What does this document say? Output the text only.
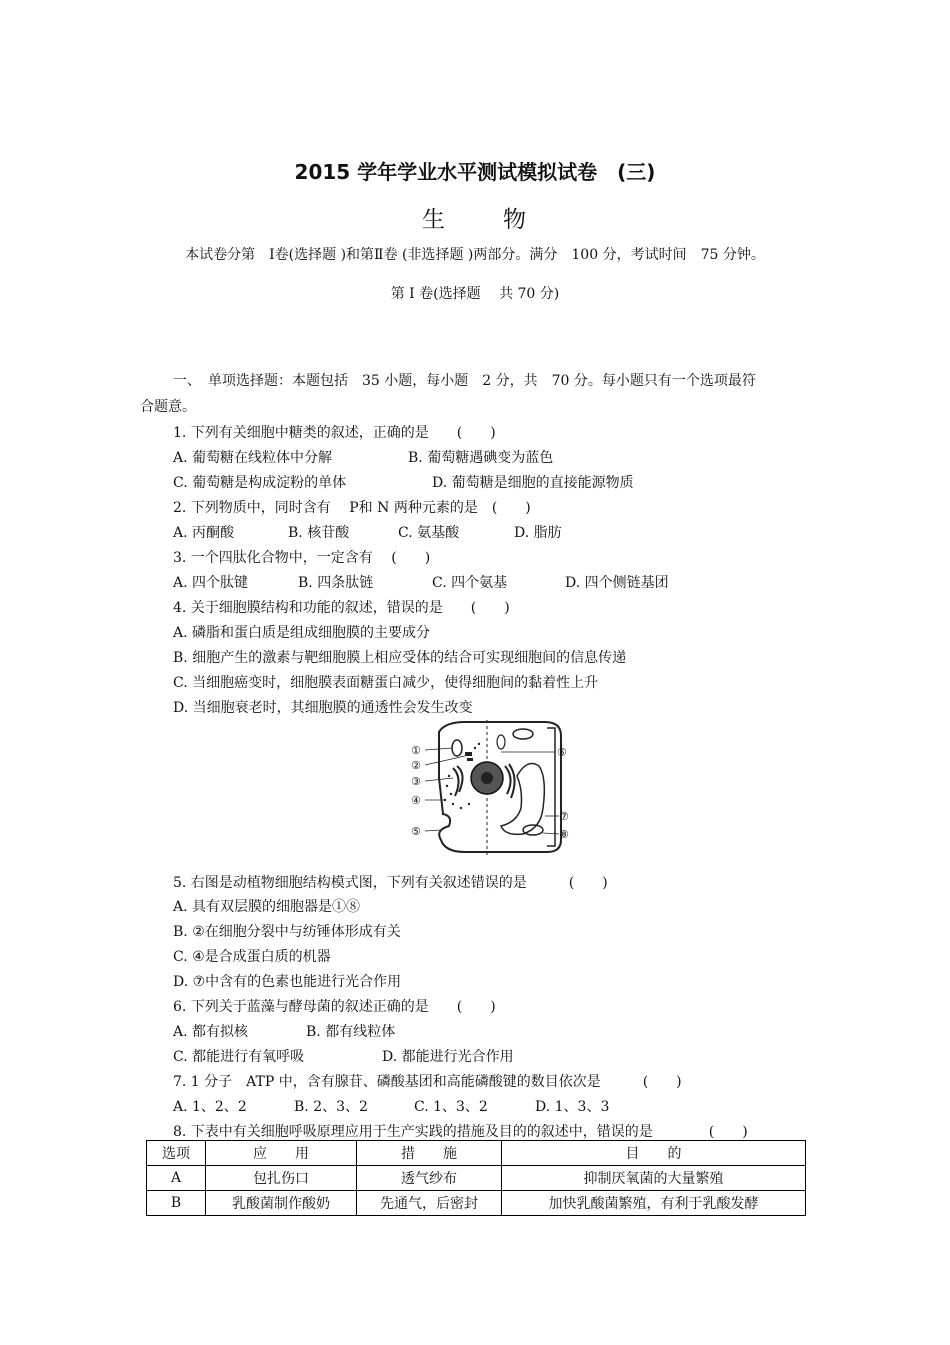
2015 学年学业水平测试模拟试卷　(三)
生 物
本试卷分第　Ⅰ卷(选择题 )和第Ⅱ卷 (非选择题 )两部分。满分　100 分，考试时间　75 分钟。
第 Ⅰ 卷(选择题　 共 70 分)
一、　单项选择题：本题包括　35 小题，每小题　2 分，共　70 分。每小题只有一个选项最符
合题意。
1. 下列有关细胞中糖类的叙述，正确的是　　(　　)
A. 葡萄糖在线粒体中分解	B. 葡萄糖遇碘变为蓝色
C. 葡萄糖是构成淀粉的单体	D. 葡萄糖是细胞的直接能源物质
2. 下列物质中，同时含有　 P和 N 两种元素的是　(　　)
A. 丙酮酸	B. 核苷酸	C. 氨基酸	D. 脂肪
3. 一个四肽化合物中，一定含有　 (　　)
A. 四个肽键	B. 四条肽链	C. 四个氨基	D. 四个侧链基团
4. 关于细胞膜结构和功能的叙述，错误的是　　(　　)
A. 磷脂和蛋白质是组成细胞膜的主要成分
B. 细胞产生的激素与靶细胞膜上相应受体的结合可实现细胞间的信息传递
C. 当细胞癌变时，细胞膜表面糖蛋白减少，使得细胞间的黏着性上升
D. 当细胞衰老时，其细胞膜的通透性会发生改变
①
②
③
④
⑤
⑥
⑦
⑧
5. 右图是动植物细胞结构模式图，下列有关叙述错误的是　　　(　　)
A. 具有双层膜的细胞器是①⑧
B. ②在细胞分裂中与纺锤体形成有关
C. ④是合成蛋白质的机器
D. ⑦中含有的色素也能进行光合作用
6. 下列关于蓝藻与酵母菌的叙述正确的是　　(　　)
A. 都有拟核	B. 都有线粒体
C. 都能进行有氧呼吸	D. 都能进行光合作用
7. 1 分子　ATP 中，含有腺苷、磷酸基团和高能磷酸键的数目依次是　　　(　　)
A. 1、2、2	B. 2、3、2	C. 1、3、2	D. 1、3、3
8. 下表中有关细胞呼吸原理应用于生产实践的措施及目的的叙述中，错误的是　　　　(　　)
选项	应　　用	措　　施	目　　的
A	包扎伤口	透气纱布	抑制厌氧菌的大量繁殖
B	乳酸菌制作酸奶	先通气，后密封	加快乳酸菌繁殖，有利于乳酸发酵
